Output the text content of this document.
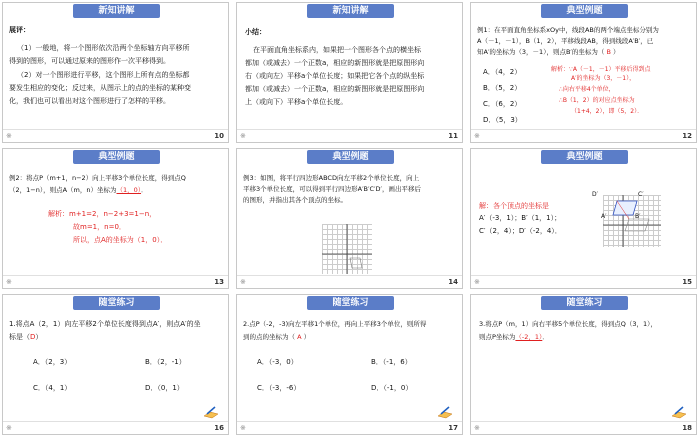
新知讲解
展评：
（1）一般地，将一个图形依次沿两个坐标轴方向平移所
得到的图形，可以通过原来的图形作一次平移得到。
（2）对一个图形进行平移，这个图形上所有点的坐标都
要发生相应的变化；反过来，从图示上的点的坐标的某种变
化，我们也可以看出对这个图形进行了怎样的平移。
※	10
新知讲解
小结：
在平面直角坐标系内，如果把一个图形各个点的横坐标
都加（或减去）一个正数a，相应的新图形就是把原图形向
右（或向左）平移a个单位长度；如果把它各个点的纵坐标
都加（或减去）一个正数a，相应的新图形就是把原图形向
上（或向下）平移a个单位长度。
※	11
典型例题
例1：在平面直角坐标系xOy中，线段AB的两个端点坐标分别为
A（－1，－1），B（1，2），平移线段AB，得到线段A′B′，已
知A′的坐标为（3，－1），则点B′的坐标为（ B ）
A．（4，2）
B．（5，2）
C．（6，2）
D．（5，3）
解析：∵A（－1，－1）平移后得到点
A′的坐标为（3，－1），
∴向右平移4个单位，
∴B（1，2）的对应点坐标为
（1+4，2），即（5，2）．
※	12
典型例题
例2：将点P（m+1，n−2）向上平移3个单位长度，得到点Q
（2，1−n），则点A（m，n）坐标为（1，0）．
解析：m+1=2，n−2+3=1−n，
故m=1，n=0．
所以，点A的坐标为（1，0）．
※	13
典型例题
例3：如图，将平行四边形ABCD向左平移2个单位长度，向上
平移3个单位长度，可以得到平行四边形A′B′C′D′，画出平移后
的图形，并指出其各个顶点的坐标。
※	14
典型例题
解：各个顶点的坐标是
A′（-3，1）；B′（1，1）；
C′（2，4）；D′（-2，4）．
D′	C′
A′	B′
※	15
随堂练习
1.将点A（2，1）向左平移2个单位长度得到点A′，则点A′的坐
标是（D）
A．（2，3）	B．（2，-1）
C．（4，1）	D．（0，1）
※	16
随堂练习
2.点P（-2，-3)向左平移1个单位，再向上平移3个单位，则所得
到的点的坐标为（ A ）
A．（-3，0）	B．（-1，6）
C．（-3，-6）	D．（-1，0）
※	17
随堂练习
3.将点P（m，1）向右平移5个单位长度，得到点Q（3，1），
则点P坐标为（-2，1）．
※	18
